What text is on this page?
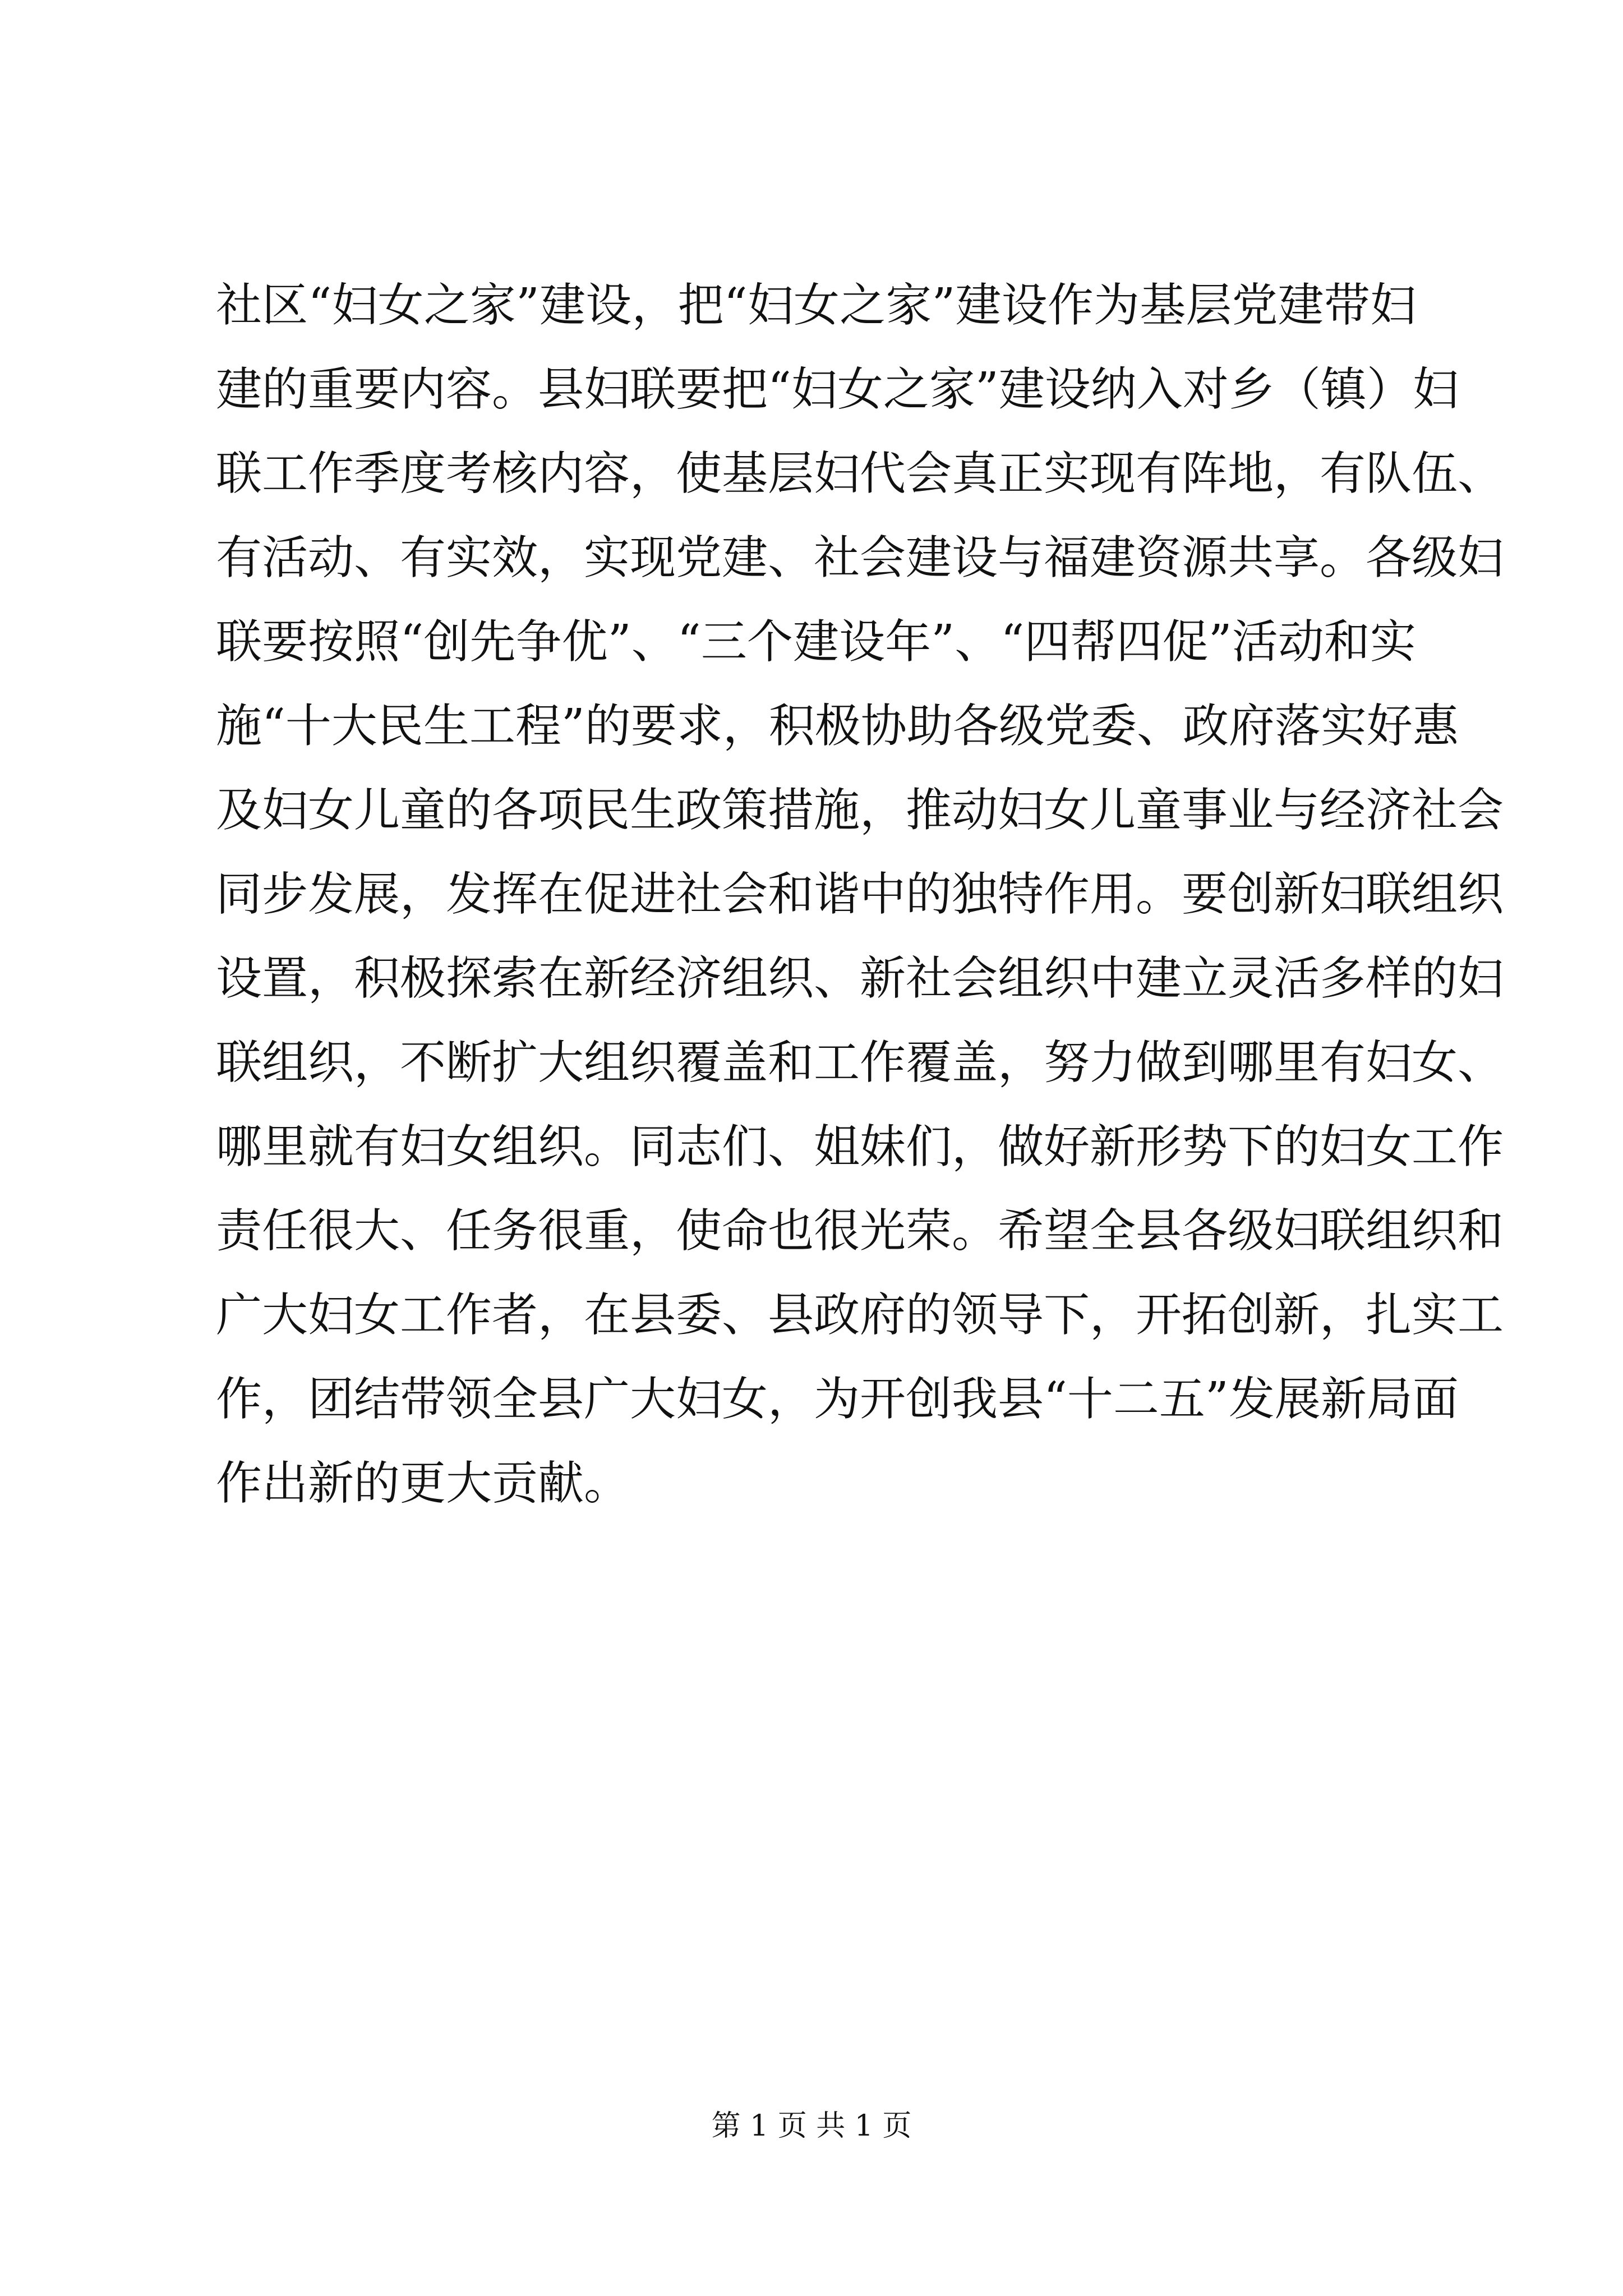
社区“妇女之家”建设，把“妇女之家”建设作为基层党建带妇
建的重要内容。县妇联要把“妇女之家”建设纳入对乡（镇）妇
联工作季度考核内容，使基层妇代会真正实现有阵地，有队伍、
有活动、有实效，实现党建、社会建设与福建资源共享。各级妇
联要按照“创先争优”、“三个建设年”、“四帮四促”活动和实
施“十大民生工程”的要求，积极协助各级党委、政府落实好惠
及妇女儿童的各项民生政策措施，推动妇女儿童事业与经济社会
同步发展，发挥在促进社会和谐中的独特作用。要创新妇联组织
设置，积极探索在新经济组织、新社会组织中建立灵活多样的妇
联组织，不断扩大组织覆盖和工作覆盖，努力做到哪里有妇女、
哪里就有妇女组织。同志们、姐妹们，做好新形势下的妇女工作
责任很大、任务很重，使命也很光荣。希望全县各级妇联组织和
广大妇女工作者，在县委、县政府的领导下，开拓创新，扎实工
作，团结带领全县广大妇女，为开创我县“十二五”发展新局面
作出新的更大贡献。
第 1 页 共 1 页
